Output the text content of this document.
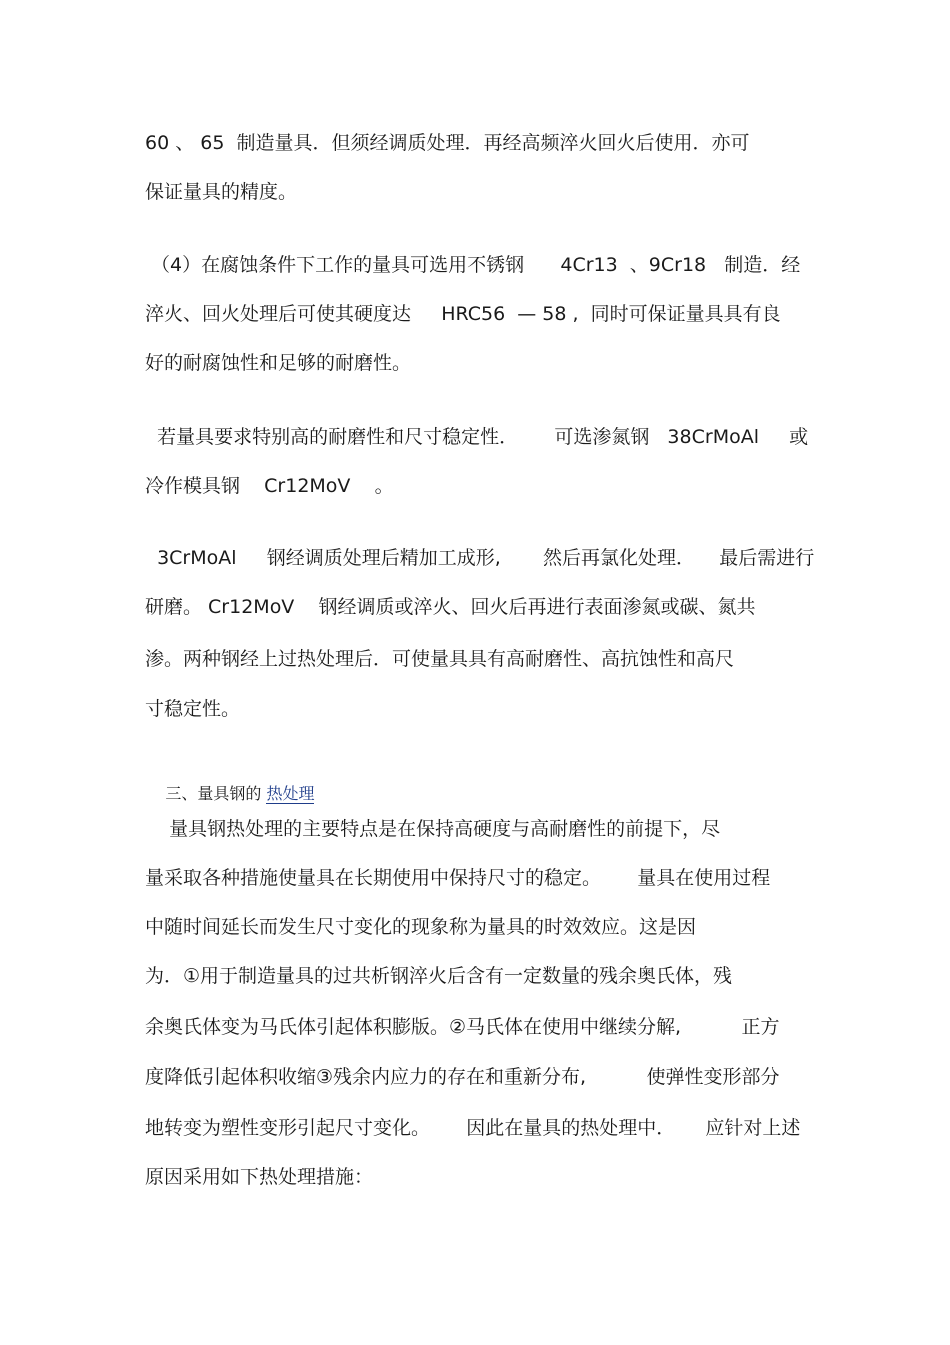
60 、 65  制造量具．但须经调质处理．再经高频淬火回火后使用．亦可
保证量具的精度。
（4）在腐蚀条件下工作的量具可选用不锈钢      4Cr13  、9Cr18   制造．经
淬火、回火处理后可使其硬度达     HRC56  — 58 ,  同时可保证量具具有良
好的耐腐蚀性和足够的耐磨性。
若量具要求特别高的耐磨性和尺寸稳定性．      可选渗氮钢   38CrMoAl     或
冷作模具钢    Cr12MoV    。
3CrMoAl     钢经调质处理后精加工成形,       然后再氯化处理．    最后需进行
研磨。 Cr12MoV    钢经调质或淬火、回火后再进行表面渗氮或碳、氮共
渗。两种钢经上过热处理后．可使量具具有高耐磨性、高抗蚀性和高尺
寸稳定性。

三、量具钢的 热处理

量具钢热处理的主要特点是在保持高硬度与高耐磨性的前提下，尽
量采取各种措施使量具在长期使用中保持尺寸的稳定。      量具在使用过程
中随时间延长而发生尺寸变化的现象称为量具的时效效应。这是因
为．①用于制造量具的过共析钢淬火后含有一定数量的残余奥氏体，残
余奥氏体变为马氏体引起体积膨版。②马氏体在使用中继续分解,          正方
度降低引起体积收缩③残余内应力的存在和重新分布,          使弹性变形部分
地转变为塑性变形引起尺寸变化。      因此在量具的热处理中．     应针对上述
原因采用如下热处理措施：
